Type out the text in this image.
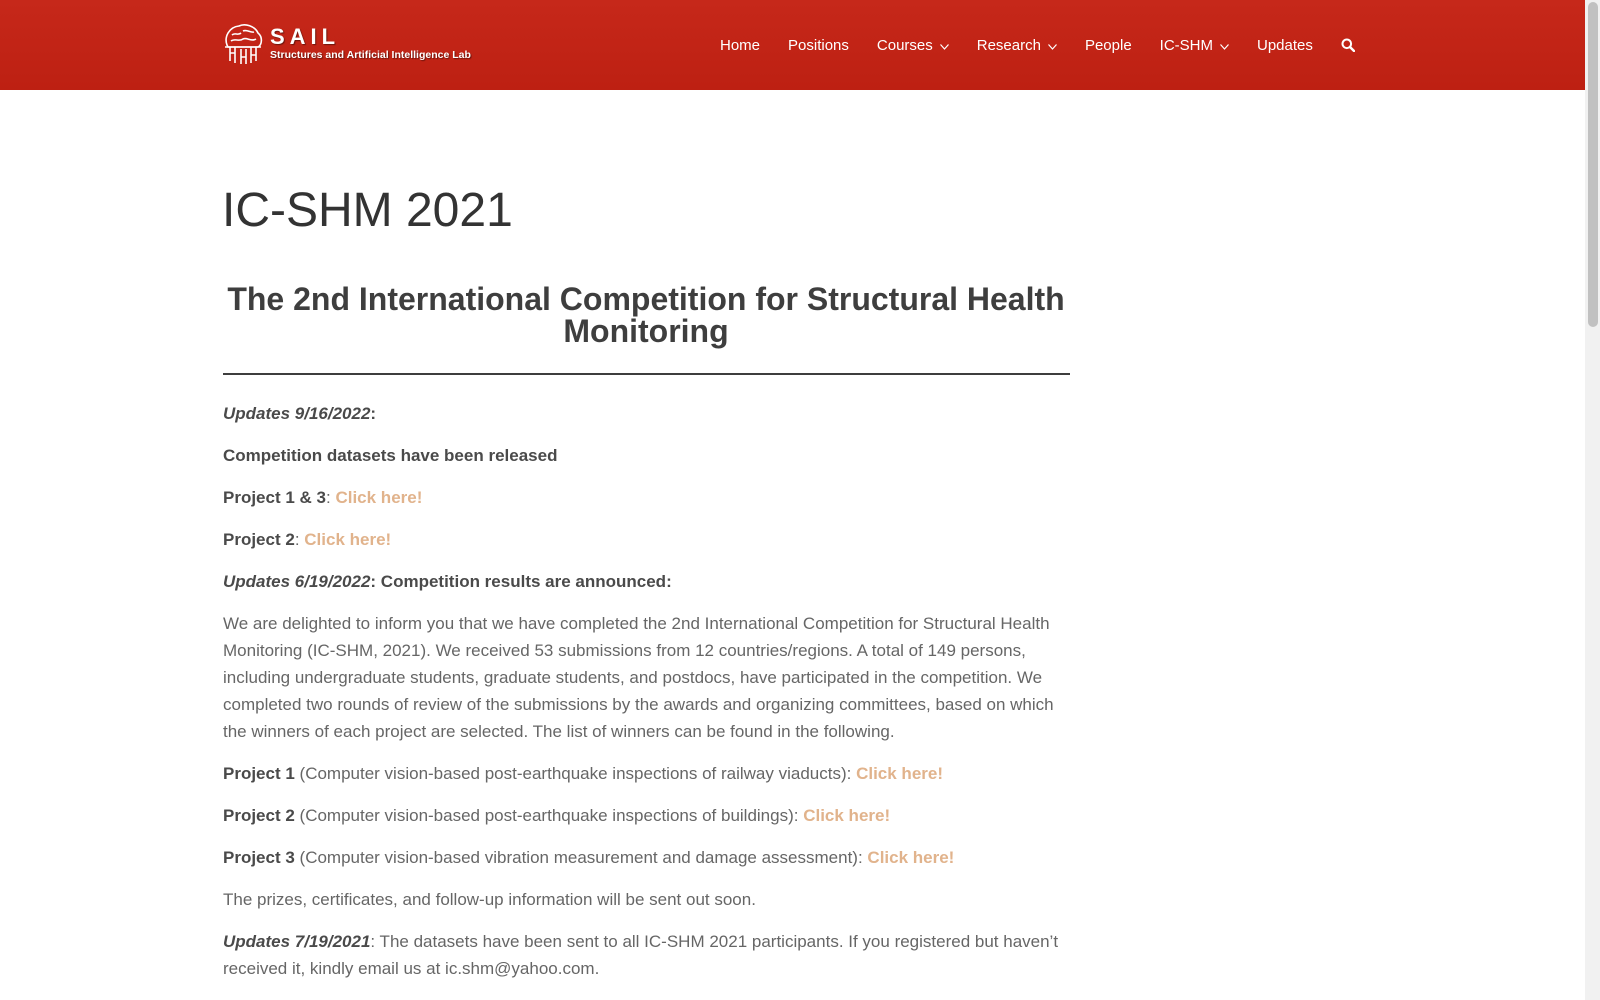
SAIL
Structures and Artificial Intelligence Lab
Home Positions Courses	Research	People IC-SHM	Updates
IC-SHM 2021
The 2nd International Competition for Structural Health Monitoring

Updates 9/16/2022:

Competition datasets have been released

Project 1 & 3: Click here!

Project 2: Click here!

Updates 6/19/2022: Competition results are announced:

We are delighted to inform you that we have completed the 2nd International Competition for Structural Health Monitoring (IC-SHM, 2021). We received 53 submissions from 12 countries/regions. A total of 149 persons, including undergraduate students, graduate students, and postdocs, have participated in the competition. We completed two rounds of review of the submissions by the awards and organizing committees, based on which the winners of each project are selected. The list of winners can be found in the following.

Project 1 (Computer vision-based post-earthquake inspections of railway viaducts): Click here!

Project 2 (Computer vision-based post-earthquake inspections of buildings): Click here!

Project 3 (Computer vision-based vibration measurement and damage assessment): Click here!

The prizes, certificates, and follow-up information will be sent out soon.

Updates 7/19/2021: The datasets have been sent to all IC-SHM 2021 participants. If you registered but haven’t received it, kindly email us at ic.shm@yahoo.com.
